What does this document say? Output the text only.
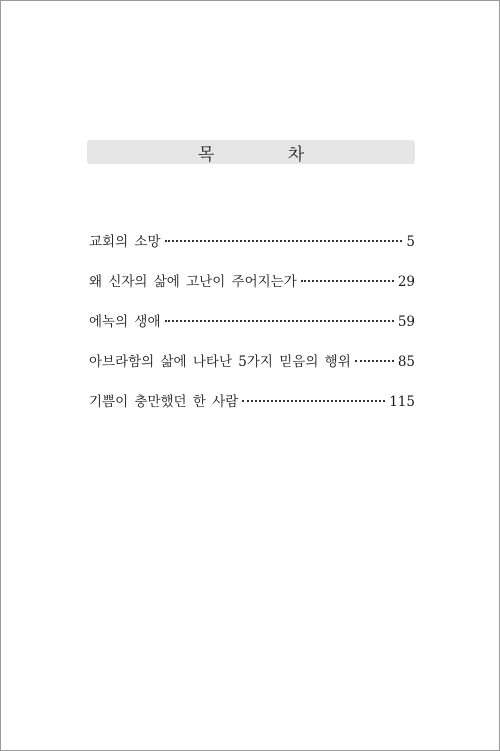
목 차
교회의 소망	5
왜 신자의 삶에 고난이 주어지는가	29
에녹의 생애	59
아브라함의 삶에 나타난 5가지 믿음의 행위	85
기쁨이 충만했던 한 사람	115
